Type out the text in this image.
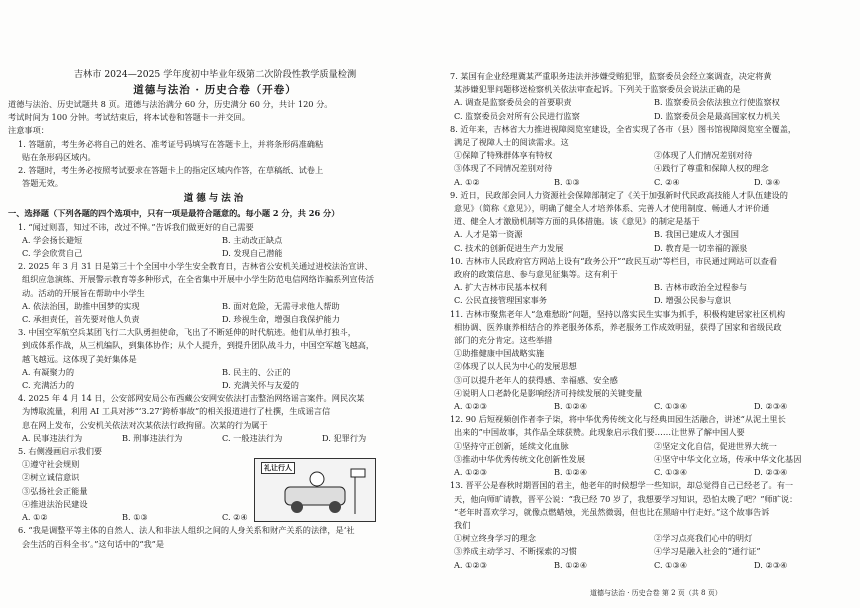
吉林市 2024—2025 学年度初中毕业年级第二次阶段性教学质量检测
道德与法治 · 历史合卷（开卷）
道德与法治、历史试题共 8 页。道德与法治满分 60 分，历史满分 60 分，共计 120 分。
考试时间为 100 分钟。考试结束后，将本试卷和答题卡一并交回。
注意事项：
1. 答题前，考生务必将自己的姓名、准考证号码填写在答题卡上，并将条形码准确粘
贴在条形码区域内。
2. 答题时，考生务必按照考试要求在答题卡上的指定区域内作答，在草稿纸、试卷上
答题无效。
道德与法治
一、选择题（下列各题的四个选项中，只有一项是最符合题意的。每小题 2 分，共 26 分）
1. “闻过则喜，知过不讳，改过不惮。”告诉我们做更好的自己需要
A. 学会扬长避短	B. 主动改正缺点
C. 学会欣赏自己	D. 发现自己潜能
2. 2025 年 3 月 31 日是第三十个全国中小学生安全教育日，吉林省公安机关通过进校法治宣讲、
组织应急演练、开展警示教育等多种形式，在全省集中开展中小学生防范电信网络诈骗系列宣传活
动。活动的开展旨在帮助中小学生
A. 依法治国，助推中国梦的实现	B. 面对危险，无需寻求他人帮助
C. 承担责任，首先要对他人负责	D. 珍视生命，增强自我保护能力
3. 中国空军航空兵某团飞行二大队勇担使命，飞出了不断延伸的时代航迹。他们从单打独斗，
到成体系作战，从三机编队，到集体协作；从个人提升，到提升团队战斗力，中国空军越飞越高，
越飞越远。这体现了美好集体是
A. 有凝聚力的	B. 民主的、公正的
C. 充满活力的	D. 充满关怀与友爱的
4. 2025 年 4 月 14 日，公安部网安局公布西藏公安网安依法打击整治网络谣言案件。网民次某
为博取流量，利用 AI 工具对涉“‘3.27’跨桥事故”的相关报道进行了杜撰，生成谣言信
息在网上发布，公安机关依法对次某依法行政拘留。次某的行为属于
A. 民事违法行为	B. 刑事违法行为	C. 一般违法行为	D. 犯罪行为
5. 右侧漫画启示我们要
礼让行人
①遵守社会规则
②树立诚信意识
③弘扬社会正能量
④推进法治民建设
A. ①②	B. ①③	C. ②④
6. “我是调整平等主体的自然人、法人和非法人组织之间的人身关系和财产关系的法律，是‘社
会生活的百科全书’。”这句话中的“我”是
7. 某国有企业经理冀某严重职务违法并涉嫌受贿犯罪，监察委员会经立案调查，决定将黄
某涉嫌犯罪问题移送检察机关依法审查起诉。下列关于监察委员会说法正确的是
A. 调查是监察委员会的首要职责	B. 监察委员会依法独立行使监察权
C. 监察委员会对所有公民进行监察	D. 监察委员会是最高国家权力机关
8. 近年来，吉林省大力推进视障阅览室建设，全省实现了各市（县）图书馆视障阅览室全覆盖，
满足了视障人士的阅读需求。这
①保障了特殊群体享有特权	②体现了人们情况差别对待
③体现了不同情况差别对待	④践行了尊重和保障人权的理念
A. ①②	B. ①③	C. ②④	D. ③④
9. 近日，民政部会同人力资源社会保障部制定了《关于加强新时代民政高技能人才队伍建设的
意见》（简称《意见》），明确了健全人才培养体系、完善人才使用制度、畅通人才评价通
道、健全人才激励机制等方面的具体措施。该《意见》的制定是基于
A. 人才是第一资源	B. 我国已建成人才强国
C. 技术的创新促进生产力发展	D. 教育是一切幸福的源泉
10. 吉林市人民政府官方网站上设有“政务公开”“政民互动”等栏目，市民通过网站可以查看
政府的政策信息、参与意见征集等。这有利于
A. 扩大吉林市民基本权利	B. 吉林市政治全过程参与
C. 公民直接管理国家事务	D. 增强公民参与意识
11. 吉林市聚焦老年人“急难愁盼”问题，坚持以落实民生实事为抓手，积极构建居家社区机构
相协调、医养康养相结合的养老服务体系，养老服务工作成效明显，获得了国家和省级民政
部门的充分肯定。这些举措
①助推健康中国战略实施
②体现了以人民为中心的发展思想
③可以提升老年人的获得感、幸福感、安全感
④说明人口老龄化是影响经济可持续发展的关键变量
A. ①②③	B. ①②④	C. ①③④	D. ②③④
12. 90 后短视频创作者李子柒，将中华优秀传统文化与经典田园生活融合，讲述“从泥土里长
出来的”中国故事，其作品全球获赞。此现象启示我们要……让世界了解中国人要
①坚持守正创新，延续文化血脉	②坚定文化自信，促进世界大统一
③推动中华优秀传统文化创新性发展	④坚守中华文化立场，传承中华文化基因
A. ①②③	B. ①②④	C. ①③④	D. ②③④
13. 晋平公是春秋时期晋国的君主，他老年的时候想学一些知识，却总觉得自己已经老了。有一
天，他向师旷请教，晋平公说：“我已经 70 岁了，我想要学习知识，恐怕太晚了吧？”师旷说：
“老年时喜欢学习，就像点燃蜡烛，光虽然微弱，但也比在黑暗中行走好。”这个故事告诉
我们
①树立终身学习的理念	②学习点亮我们心中的明灯
③养成主动学习、不断探索的习惯	④学习是融入社会的“通行证”
A. ①②③	B. ①②④	C. ①③④	D. ②③④
道德与法治 · 历史合卷 第 2 页（共 8 页）
